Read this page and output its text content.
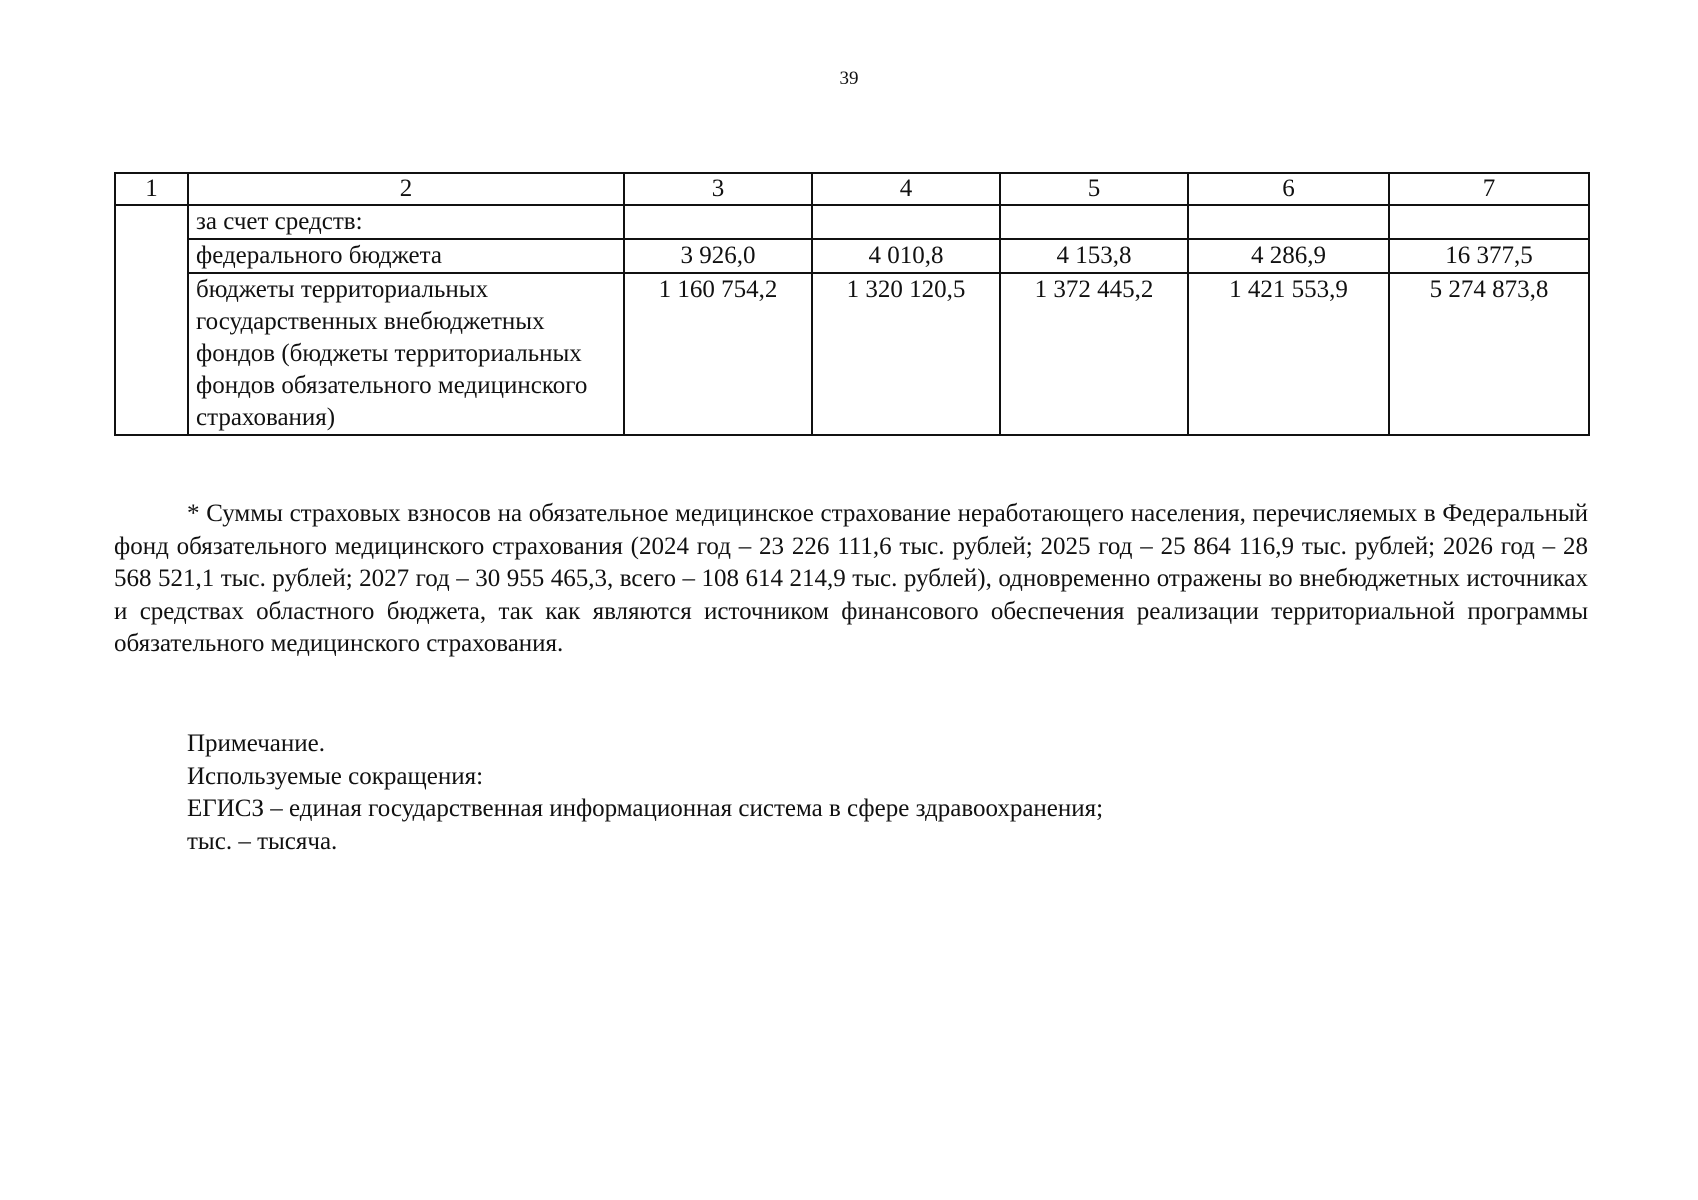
39
1	2	3	4	5	6	7
	за счет средств:					
	федерального бюджета	3 926,0	4 010,8	4 153,8	4 286,9	16 377,5
	бюджеты территориальных государственных внебюджетных фондов (бюджеты территориальных фондов обязательного медицинского страхования)	1 160 754,2	1 320 120,5	1 372 445,2	1 421 553,9	5 274 873,8

* Суммы страховых взносов на обязательное медицинское страхование неработающего населения, перечисляемых в Федеральный фонд обязательного медицинского страхования (2024 год – 23 226 111,6 тыс. рублей; 2025 год – 25 864 116,9 тыс. рублей; 2026 год – 28 568 521,1 тыс. рублей; 2027 год – 30 955 465,3, всего – 108 614 214,9 тыс. рублей), одновременно отражены во внебюджетных источниках и средствах областного бюджета, так как являются источником финансового обеспечения реализации территориальной программы обязательного медицинского страхования.

Примечание.
Используемые сокращения:
ЕГИСЗ – единая государственная информационная система в сфере здравоохранения;
тыс. – тысяча.
